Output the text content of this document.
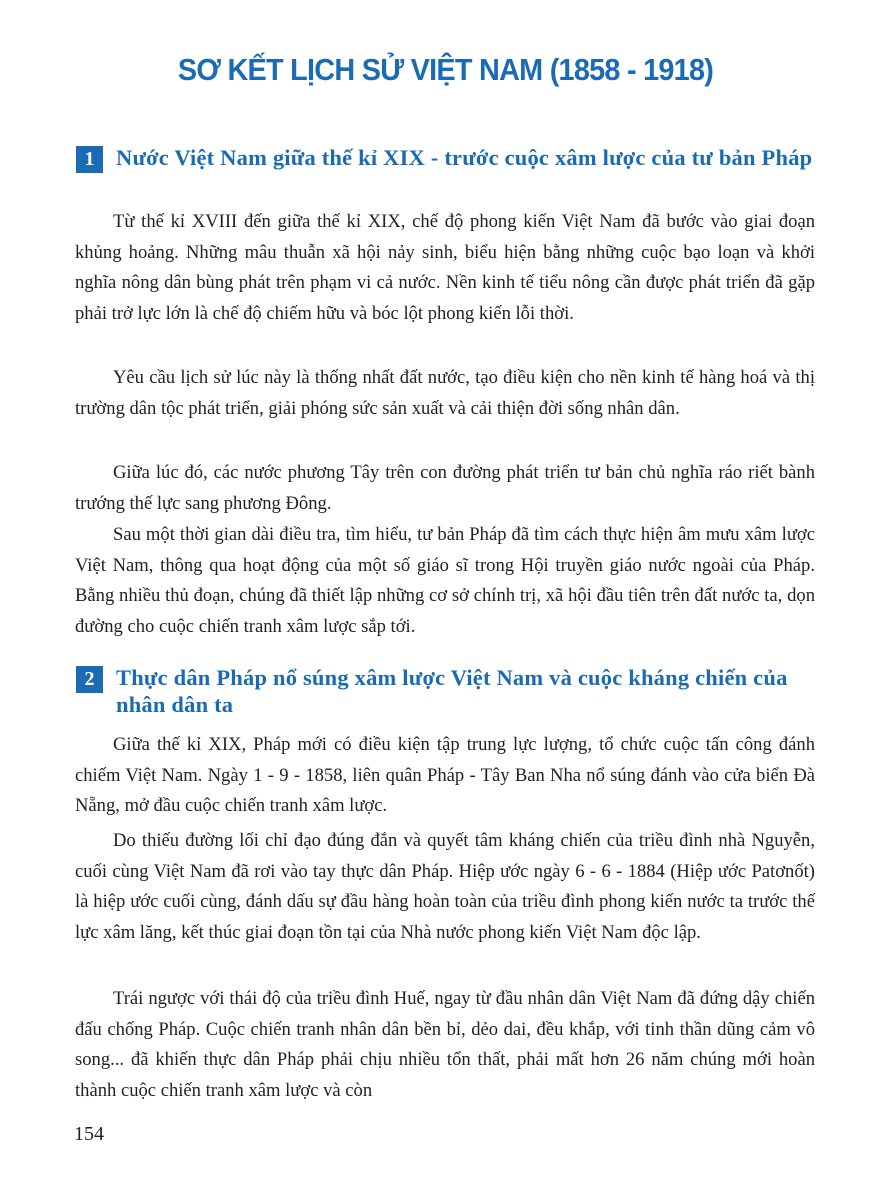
SƠ KẾT LỊCH SỬ VIỆT NAM (1858 - 1918)
1 Nước Việt Nam giữa thế kỉ XIX - trước cuộc xâm lược của tư bản Pháp

Từ thế kỉ XVIII đến giữa thế kỉ XIX, chế độ phong kiến Việt Nam đã bước vào giai đoạn khủng hoảng. Những mâu thuẫn xã hội nảy sinh, biểu hiện bằng những cuộc bạo loạn và khởi nghĩa nông dân bùng phát trên phạm vi cả nước. Nền kinh tế tiểu nông cần được phát triển đã gặp phải trở lực lớn là chế độ chiếm hữu và bóc lột phong kiến lỗi thời.

Yêu cầu lịch sử lúc này là thống nhất đất nước, tạo điều kiện cho nền kinh tế hàng hoá và thị trường dân tộc phát triển, giải phóng sức sản xuất và cải thiện đời sống nhân dân.

Giữa lúc đó, các nước phương Tây trên con đường phát triển tư bản chủ nghĩa ráo riết bành trướng thế lực sang phương Đông.

Sau một thời gian dài điều tra, tìm hiểu, tư bản Pháp đã tìm cách thực hiện âm mưu xâm lược Việt Nam, thông qua hoạt động của một số giáo sĩ trong Hội truyền giáo nước ngoài của Pháp. Bằng nhiều thủ đoạn, chúng đã thiết lập những cơ sở chính trị, xã hội đầu tiên trên đất nước ta, dọn đường cho cuộc chiến tranh xâm lược sắp tới.

2 Thực dân Pháp nổ súng xâm lược Việt Nam và cuộc kháng chiến của nhân dân ta

Giữa thế kỉ XIX, Pháp mới có điều kiện tập trung lực lượng, tổ chức cuộc tấn công đánh chiếm Việt Nam. Ngày 1 - 9 - 1858, liên quân Pháp - Tây Ban Nha nổ súng đánh vào cửa biển Đà Nẵng, mở đầu cuộc chiến tranh xâm lược.

Do thiếu đường lối chỉ đạo đúng đắn và quyết tâm kháng chiến của triều đình nhà Nguyễn, cuối cùng Việt Nam đã rơi vào tay thực dân Pháp. Hiệp ước ngày 6 - 6 - 1884 (Hiệp ước Patơnốt) là hiệp ước cuối cùng, đánh dấu sự đầu hàng hoàn toàn của triều đình phong kiến nước ta trước thế lực xâm lăng, kết thúc giai đoạn tồn tại của Nhà nước phong kiến Việt Nam độc lập.

Trái ngược với thái độ của triều đình Huế, ngay từ đầu nhân dân Việt Nam đã đứng dậy chiến đấu chống Pháp. Cuộc chiến tranh nhân dân bền bỉ, dẻo dai, đều khắp, với tinh thần dũng cảm vô song... đã khiến thực dân Pháp phải chịu nhiều tổn thất, phải mất hơn 26 năm chúng mới hoàn thành cuộc chiến tranh xâm lược và còn

154
